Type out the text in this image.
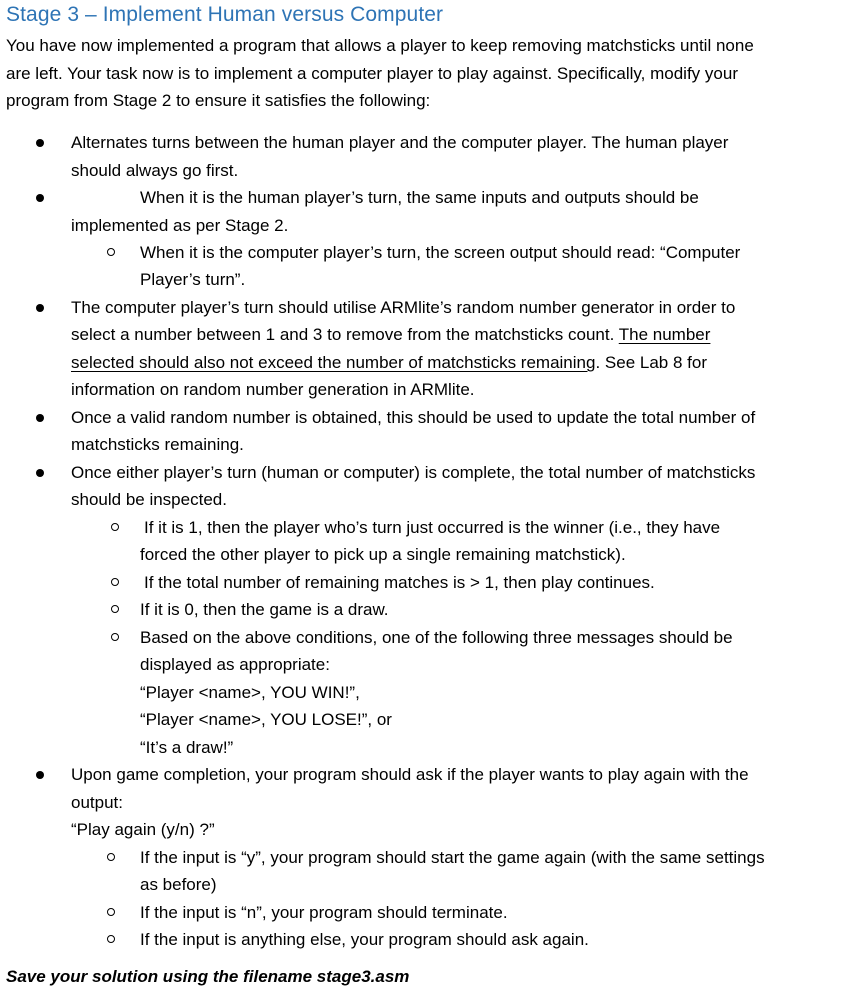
Stage 3 – Implement Human versus Computer

You have now implemented a program that allows a player to keep removing matchsticks until none
are left. Your task now is to implement a computer player to play against. Specifically, modify your
program from Stage 2 to ensure it satisfies the following:

Alternates turns between the human player and the computer player. The human player
should always go first.
When it is the human player’s turn, the same inputs and outputs should be
implemented as per Stage 2.
When it is the computer player’s turn, the screen output should read: “Computer
Player’s turn”.
The computer player’s turn should utilise ARMlite’s random number generator in order to
select a number between 1 and 3 to remove from the matchsticks count. The number
selected should also not exceed the number of matchsticks remaining. See Lab 8 for
information on random number generation in ARMlite.
Once a valid random number is obtained, this should be used to update the total number of
matchsticks remaining.
Once either player’s turn (human or computer) is complete, the total number of matchsticks
should be inspected.
If it is 1, then the player who’s turn just occurred is the winner (i.e., they have
forced the other player to pick up a single remaining matchstick).
If the total number of remaining matches is > 1, then play continues.
If it is 0, then the game is a draw.
Based on the above conditions, one of the following three messages should be
displayed as appropriate:
“Player <name>, YOU WIN!”,
“Player <name>, YOU LOSE!”, or
“It’s a draw!”
Upon game completion, your program should ask if the player wants to play again with the
output:
“Play again (y/n) ?”
If the input is “y”, your program should start the game again (with the same settings
as before)
If the input is “n”, your program should terminate.
If the input is anything else, your program should ask again.
Save your solution using the filename stage3.asm
